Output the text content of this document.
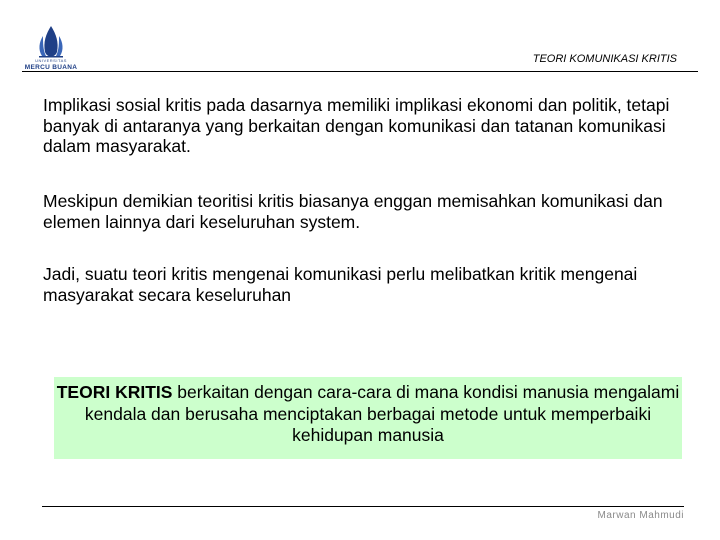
UNIVERSITAS
MERCU BUANA
TEORI KOMUNIKASI KRITIS
Implikasi sosial kritis pada dasarnya memiliki implikasi ekonomi dan politik, tetapi banyak di antaranya yang berkaitan dengan komunikasi dan tatanan komunikasi dalam masyarakat.
Meskipun demikian teoritisi kritis biasanya enggan memisahkan komunikasi dan elemen lainnya dari keseluruhan system.
Jadi, suatu teori kritis mengenai komunikasi perlu melibatkan kritik mengenai masyarakat secara keseluruhan
TEORI KRITIS berkaitan dengan cara-cara di mana kondisi manusia mengalami kendala dan berusaha menciptakan berbagai metode untuk memperbaiki kehidupan manusia
Marwan Mahmudi
